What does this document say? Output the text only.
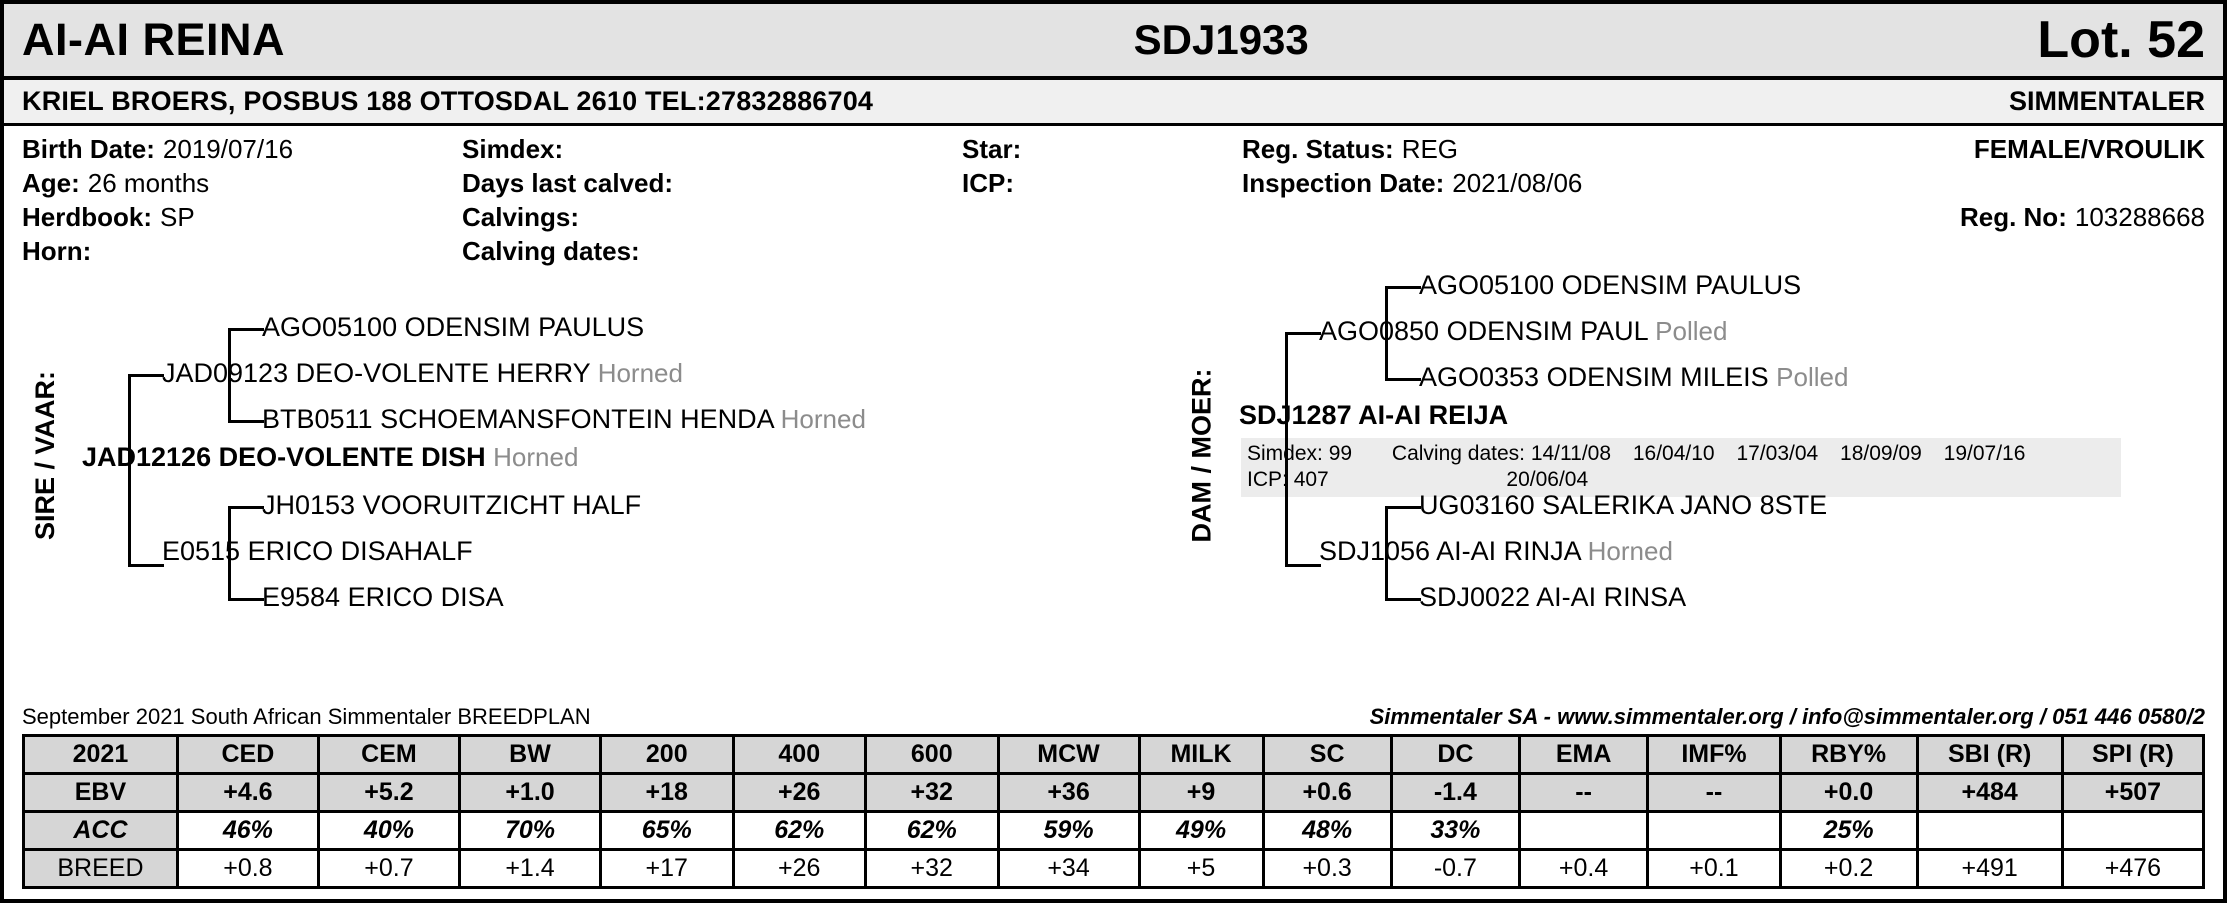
AI-AI REINA	SDJ1933	Lot. 52
KRIEL BROERS, POSBUS 188 OTTOSDAL 2610 TEL:27832886704	SIMMENTALER
Birth Date: 2019/07/16	Simdex:	Star:	Reg. Status: REG	FEMALE/VROULIK
Age: 26 months	Days last calved:	ICP:	Inspection Date: 2021/08/06
Herdbook: SP	Calvings:	Reg. No: 103288668
Horn:	Calving dates:
SIRE / VAAR: JAD12126 DEO-VOLENTE DISH Horned
JAD09123 DEO-VOLENTE HERRY Horned
E0515 ERICO DISAHALF
AGO05100 ODENSIM PAULUS
BTB0511 SCHOEMANSFONTEIN HENDA Horned
JH0153 VOORUITZICHT HALF
E9584 ERICO DISA
DAM / MOER: SDJ1287 AI-AI REIJA
Simdex: 99 Calving dates: 14/11/08 16/04/10 17/03/04 18/09/09 19/07/16
ICP: 407	20/06/04
AGO0850 ODENSIM PAUL Polled
SDJ1056 AI-AI RINJA Horned
AGO05100 ODENSIM PAULUS
AGO0353 ODENSIM MILEIS Polled
UG03160 SALERIKA JANO 8STE
SDJ0022 AI-AI RINSA
September 2021 South African Simmentaler BREEDPLAN	Simmentaler SA - www.simmentaler.org / info@simmentaler.org / 051 446 0580/2
2021	CED	CEM	BW	200	400	600	MCW	MILK	SC	DC	EMA	IMF%	RBY%	SBI (R)	SPI (R)
EBV	+4.6	+5.2	+1.0	+18	+26	+32	+36	+9	+0.6	-1.4	--	--	+0.0	+484	+507
ACC	46%	40%	70%	65%	62%	62%	59%	49%	48%	33%			25%		
BREED	+0.8	+0.7	+1.4	+17	+26	+32	+34	+5	+0.3	-0.7	+0.4	+0.1	+0.2	+491	+476
